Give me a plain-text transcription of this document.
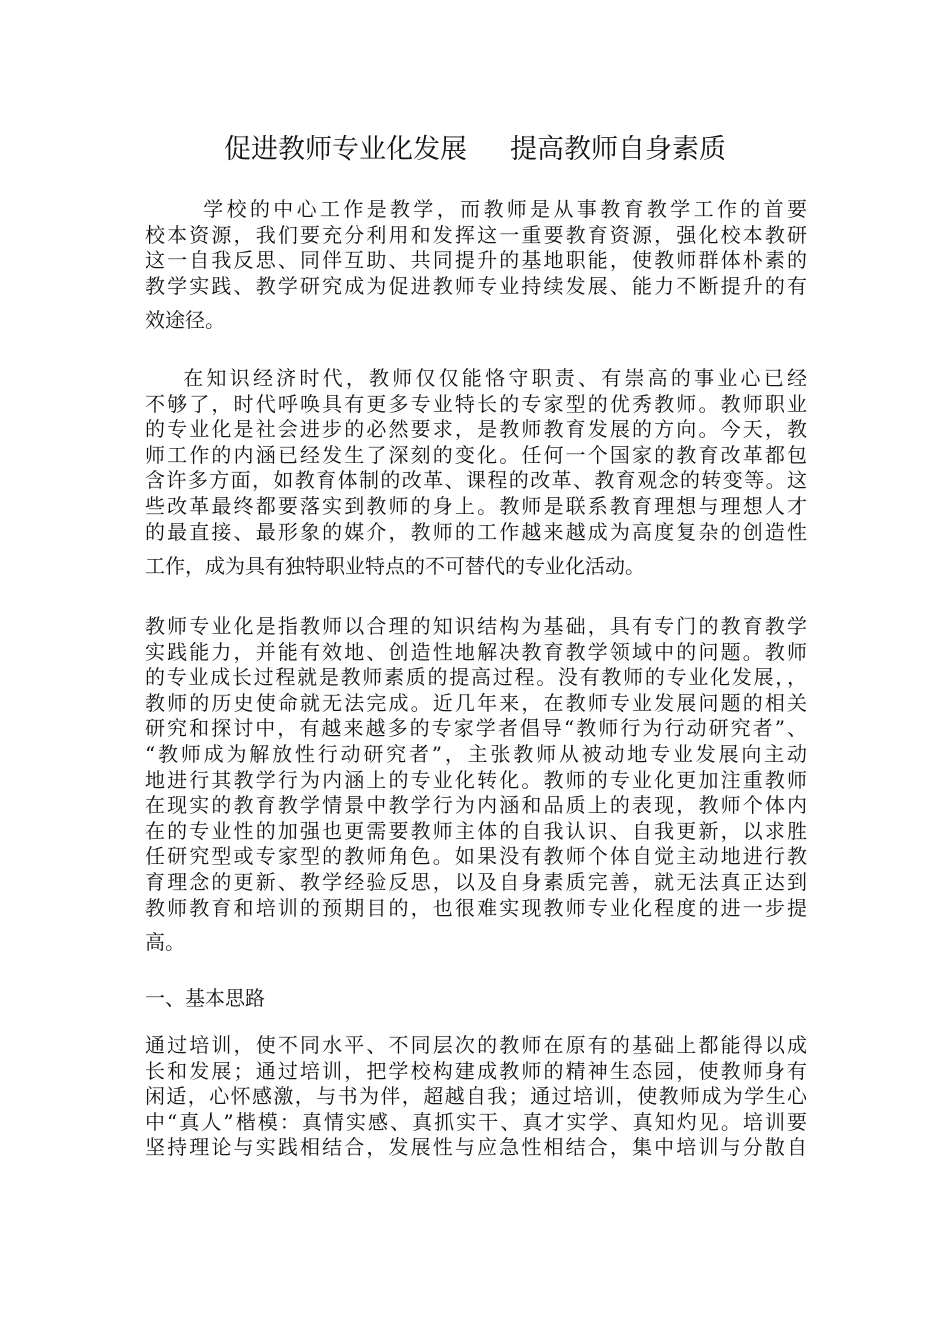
促进教师专业化发展     提高教师自身素质
学校的中心工作是教学，而教师是从事教育教学工作的首要
校本资源，我们要充分利用和发挥这一重要教育资源，强化校本教研
这一自我反思、同伴互助、共同提升的基地职能，使教师群体朴素的
教学实践、教学研究成为促进教师专业持续发展、能力不断提升的有
效途径。
在知识经济时代，教师仅仅能恪守职责、有崇高的事业心已经
不够了，时代呼唤具有更多专业特长的专家型的优秀教师。教师职业
的专业化是社会进步的必然要求，是教师教育发展的方向。今天，教
师工作的内涵已经发生了深刻的变化。任何一个国家的教育改革都包
含许多方面，如教育体制的改革、课程的改革、教育观念的转变等。这
些改革最终都要落实到教师的身上。教师是联系教育理想与理想人才
的最直接、最形象的媒介，教师的工作越来越成为高度复杂的创造性
工作，成为具有独特职业特点的不可替代的专业化活动。
教师专业化是指教师以合理的知识结构为基础，具有专门的教育教学
实践能力，并能有效地、创造性地解决教育教学领域中的问题。教师
的专业成长过程就是教师素质的提高过程。没有教师的专业化发展，，
教师的历史使命就无法完成。近几年来，在教师专业发展问题的相关
研究和探讨中，有越来越多的专家学者倡导“教师行为行动研究者”、
“教师成为解放性行动研究者”，主张教师从被动地专业发展向主动
地进行其教学行为内涵上的专业化转化。教师的专业化更加注重教师
在现实的教育教学情景中教学行为内涵和品质上的表现，教师个体内
在的专业性的加强也更需要教师主体的自我认识、自我更新，以求胜
任研究型或专家型的教师角色。如果没有教师个体自觉主动地进行教
育理念的更新、教学经验反思，以及自身素质完善，就无法真正达到
教师教育和培训的预期目的，也很难实现教师专业化程度的进一步提
高。
一、基本思路
通过培训，使不同水平、不同层次的教师在原有的基础上都能得以成
长和发展；通过培训，把学校构建成教师的精神生态园，使教师身有
闲适，心怀感激，与书为伴，超越自我；通过培训，使教师成为学生心
中“真人”楷模：真情实感、真抓实干、真才实学、真知灼见。培训要
坚持理论与实践相结合，发展性与应急性相结合，集中培训与分散自
